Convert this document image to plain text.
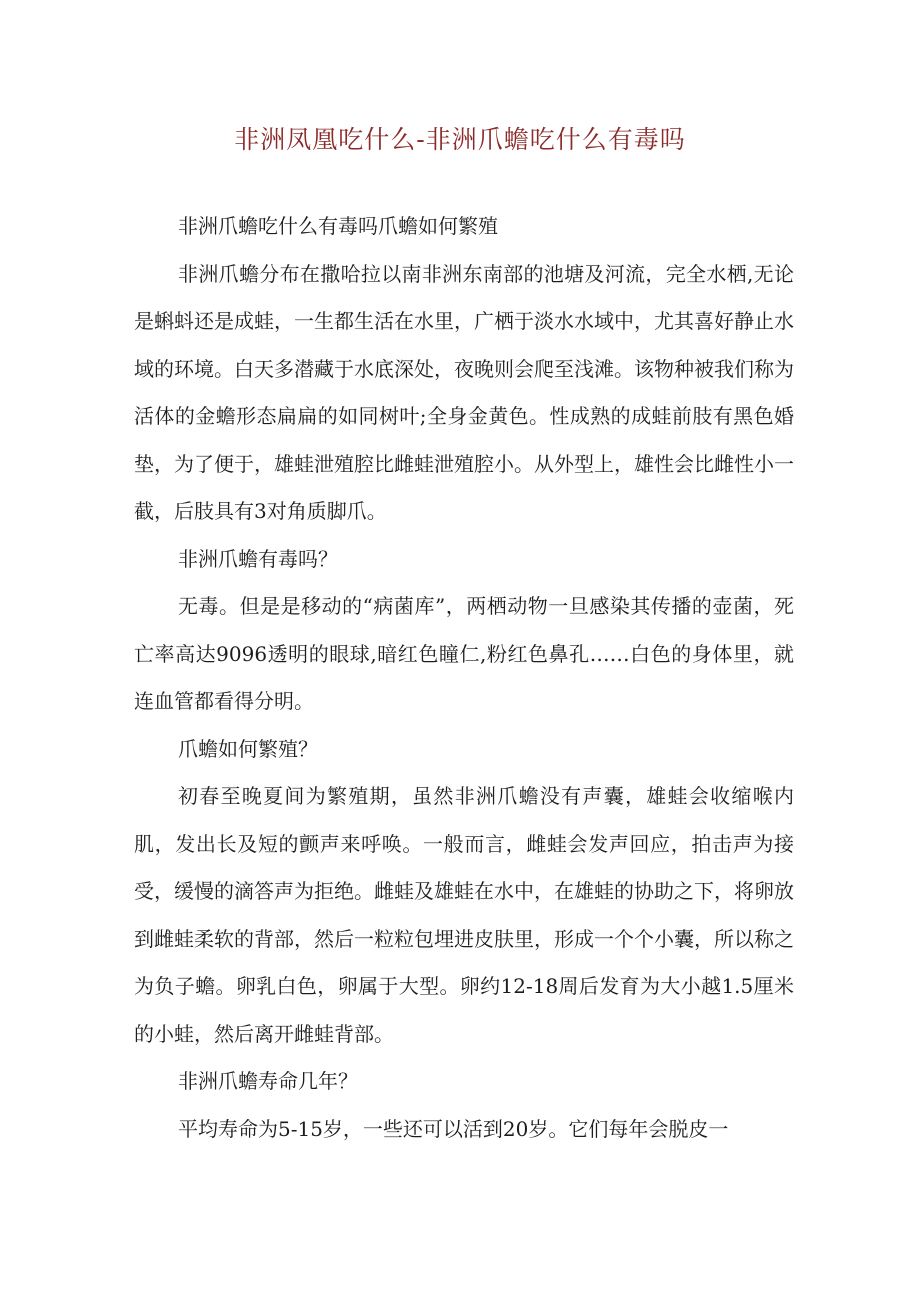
非洲凤凰吃什么-非洲爪蟾吃什么有毒吗

非洲爪蟾吃什么有毒吗爪蟾如何繁殖

非洲爪蟾分布在撒哈拉以南非洲东南部的池塘及河流，完全水栖,无论是蝌蚪还是成蛙，一生都生活在水里，广栖于淡水水域中，尤其喜好静止水域的环境。白天多潜藏于水底深处，夜晚则会爬至浅滩。该物种被我们称为活体的金蟾形态扁扁的如同树叶;全身金黄色。性成熟的成蛙前肢有黑色婚垫，为了便于，雄蛙泄殖腔比雌蛙泄殖腔小。从外型上，雄性会比雌性小一截，后肢具有3对角质脚爪。

非洲爪蟾有毒吗？

无毒。但是是移动的“病菌库”，两栖动物一旦感染其传播的壶菌，死亡率高达9096透明的眼球,暗红色瞳仁,粉红色鼻孔……白色的身体里，就连血管都看得分明。

爪蟾如何繁殖？

初春至晚夏间为繁殖期，虽然非洲爪蟾没有声囊，雄蛙会收缩喉内肌，发出长及短的颤声来呼唤。一般而言，雌蛙会发声回应，拍击声为接受，缓慢的滴答声为拒绝。雌蛙及雄蛙在水中，在雄蛙的协助之下，将卵放到雌蛙柔软的背部，然后一粒粒包埋进皮肤里，形成一个个小囊，所以称之为负子蟾。卵乳白色，卵属于大型。卵约12-18周后发育为大小越1.5厘米的小蛙，然后离开雌蛙背部。

非洲爪蟾寿命几年？

平均寿命为5-15岁，一些还可以活到20岁。它们每年会脱皮一
